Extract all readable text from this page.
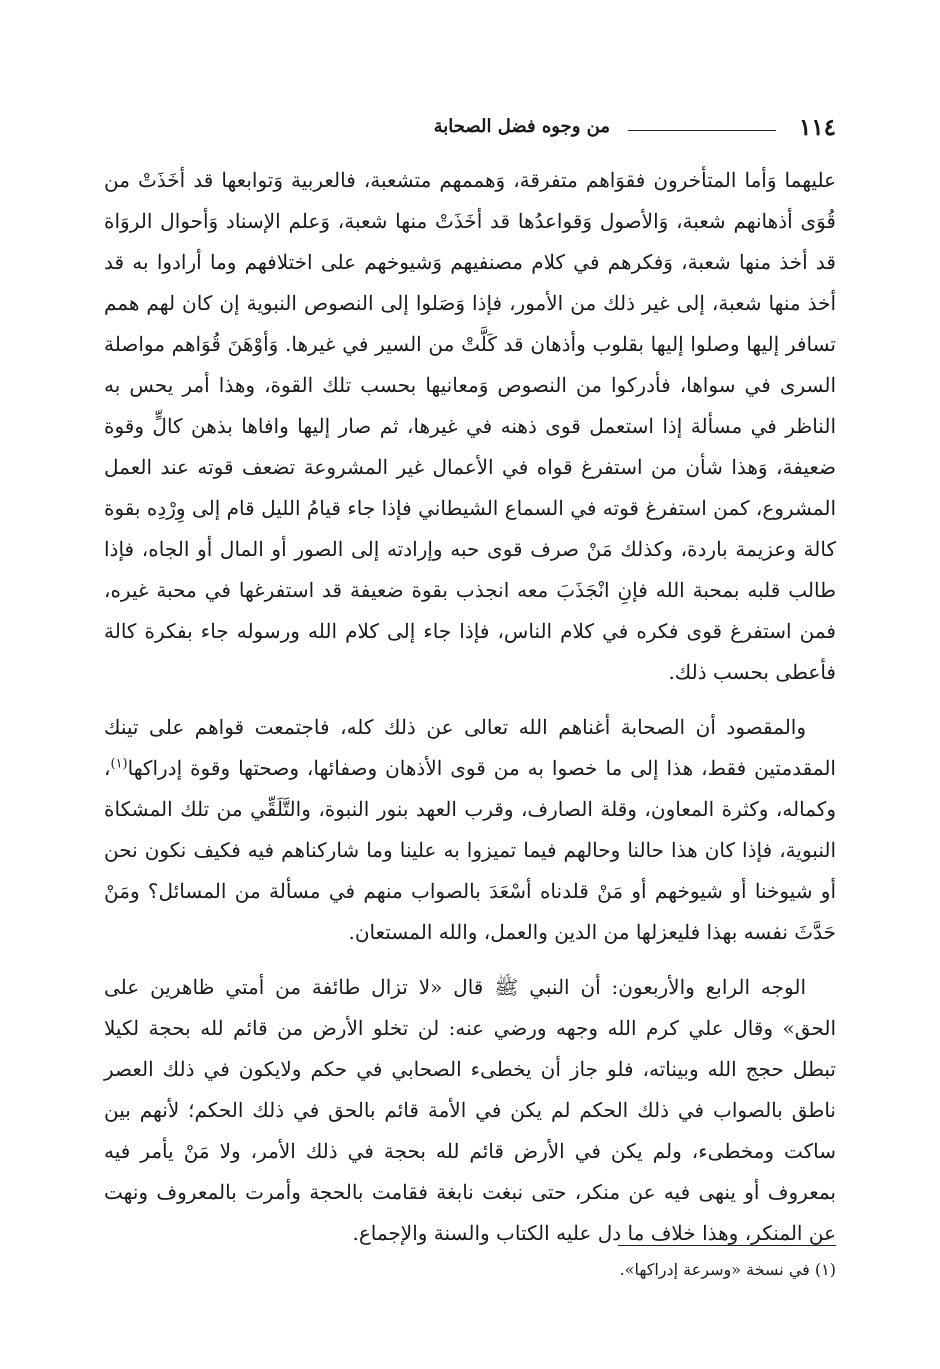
١١٤
من وجوه فضل الصحابة

عليهما وَأما المتأخرون فقوَاهم متفرقة، وَهممهم متشعبة، فالعربية وَتوابعها قد أخَذَتْ من قُوَى أذهانهم شعبة، وَالأصول وَقواعدُها قد أخَذَتْ منها شعبة، وَعلم الإسناد وَأحوال الروَاة قد أخذ منها شعبة، وَفكرهم في كلام مصنفيهم وَشيوخهم على اختلافهم وما أرادوا به قد أخذ منها شعبة، إلى غير ذلك من الأمور، فإذا وَصَلوا إلى النصوص النبوية إن كان لهم همم تسافر إليها وصلوا إليها بقلوب وأذهان قد كَلَّتْ من السير في غيرها. وَأوْهَنَ قُوَاهم مواصلة السرى في سواها، فأدركوا من النصوص وَمعانيها بحسب تلك القوة، وهذا أمر يحس به الناظر في مسألة إذا استعمل قوى ذهنه في غيرها، ثم صار إليها وافاها بذهن كالٍّ وقوة ضعيفة، وَهذا شأن من استفرغ قواه في الأعمال غير المشروعة تضعف قوته عند العمل المشروع، كمن استفرغ قوته في السماع الشيطاني فإذا جاء قيامُ الليل قام إلى وِرْدِه بقوة كالة وعزيمة باردة، وكذلك مَنْ صرف قوى حبه وإرادته إلى الصور أو المال أو الجاه، فإذا طالب قلبه بمحبة الله فإنِ انْجَذَبَ معه انجذب بقوة ضعيفة قد استفرغها في محبة غيره، فمن استفرغ قوى فكره في كلام الناس، فإذا جاء إلى كلام الله ورسوله جاء بفكرة كالة فأعطى بحسب ذلك.

والمقصود أن الصحابة أغناهم الله تعالى عن ذلك كله، فاجتمعت قواهم على تينك المقدمتين فقط، هذا إلى ما خصوا به من قوى الأذهان وصفائها، وصحتها وقوة إدراكها$^{(١)}$، وكماله، وكثرة المعاون، وقلة الصارف، وقرب العهد بنور النبوة، والتَّلَقِّي من تلك المشكاة النبوية، فإذا كان هذا حالنا وحالهم فيما تميزوا به علينا وما شاركناهم فيه فكيف نكون نحن أو شيوخنا أو شيوخهم أو مَنْ قلدناه أسْعَدَ بالصواب منهم في مسألة من المسائل؟ ومَنْ حَدَّثَ نفسه بهذا فليعزلها من الدين والعمل، والله المستعان.

الوجه الرابع والأربعون: أن النبي ﷺ قال «لا تزال طائفة من أمتي ظاهرين على الحق» وقال علي كرم الله وجهه ورضي عنه: لن تخلو الأرض من قائم لله بحجة لكيلا تبطل حجج الله وبيناته، فلو جاز أن يخطىء الصحابي في حكم ولايكون في ذلك العصر ناطق بالصواب في ذلك الحكم لم يكن في الأمة قائم بالحق في ذلك الحكم؛ لأنهم بين ساكت ومخطىء، ولم يكن في الأرض قائم لله بحجة في ذلك الأمر، ولا مَنْ يأمر فيه بمعروف أو ينهى فيه عن منكر، حتى نبغت نابغة فقامت بالحجة وأمرت بالمعروف ونهت عن المنكر، وهذا خلاف ما دل عليه الكتاب والسنة والإجماع.

(١) في نسخة «وسرعة إدراكها».
